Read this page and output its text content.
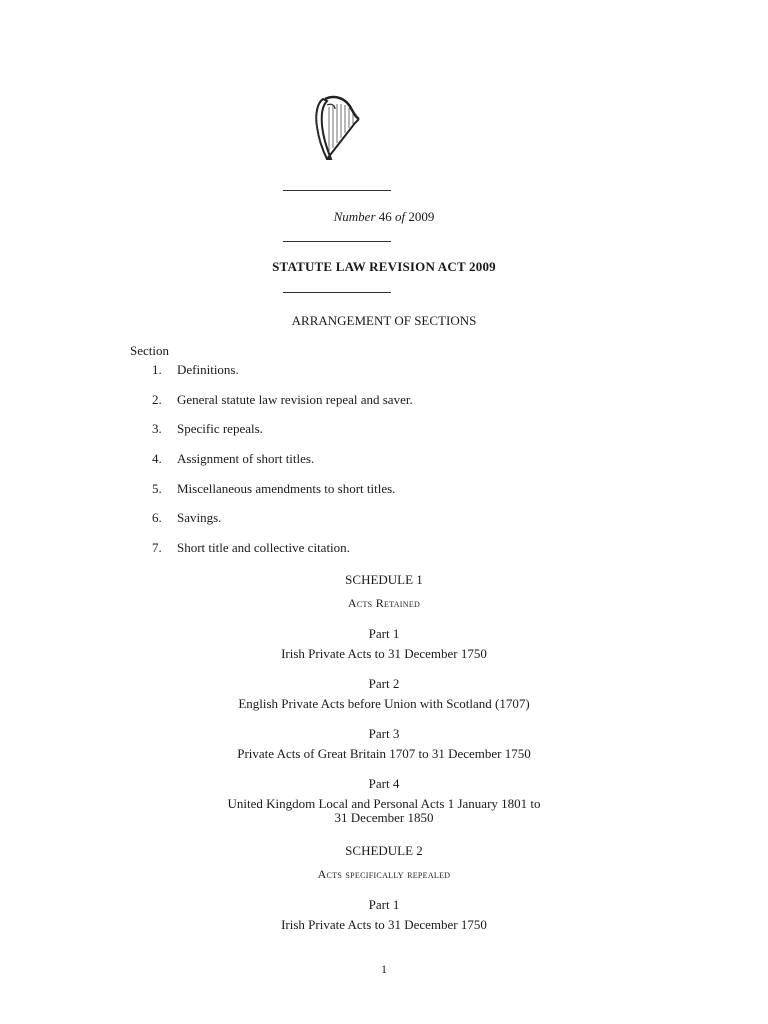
Number 46 of 2009
STATUTE LAW REVISION ACT 2009
ARRANGEMENT OF SECTIONS
Section
1.	Definitions.
2.	General statute law revision repeal and saver.
3.	Specific repeals.
4.	Assignment of short titles.
5.	Miscellaneous amendments to short titles.
6.	Savings.
7.	Short title and collective citation.
SCHEDULE 1
Acts Retained
Part 1
Irish Private Acts to 31 December 1750
Part 2
English Private Acts before Union with Scotland (1707)
Part 3
Private Acts of Great Britain 1707 to 31 December 1750
Part 4
United Kingdom Local and Personal Acts 1 January 1801 to
31 December 1850
SCHEDULE 2
Acts specifically repealed
Part 1
Irish Private Acts to 31 December 1750
1
